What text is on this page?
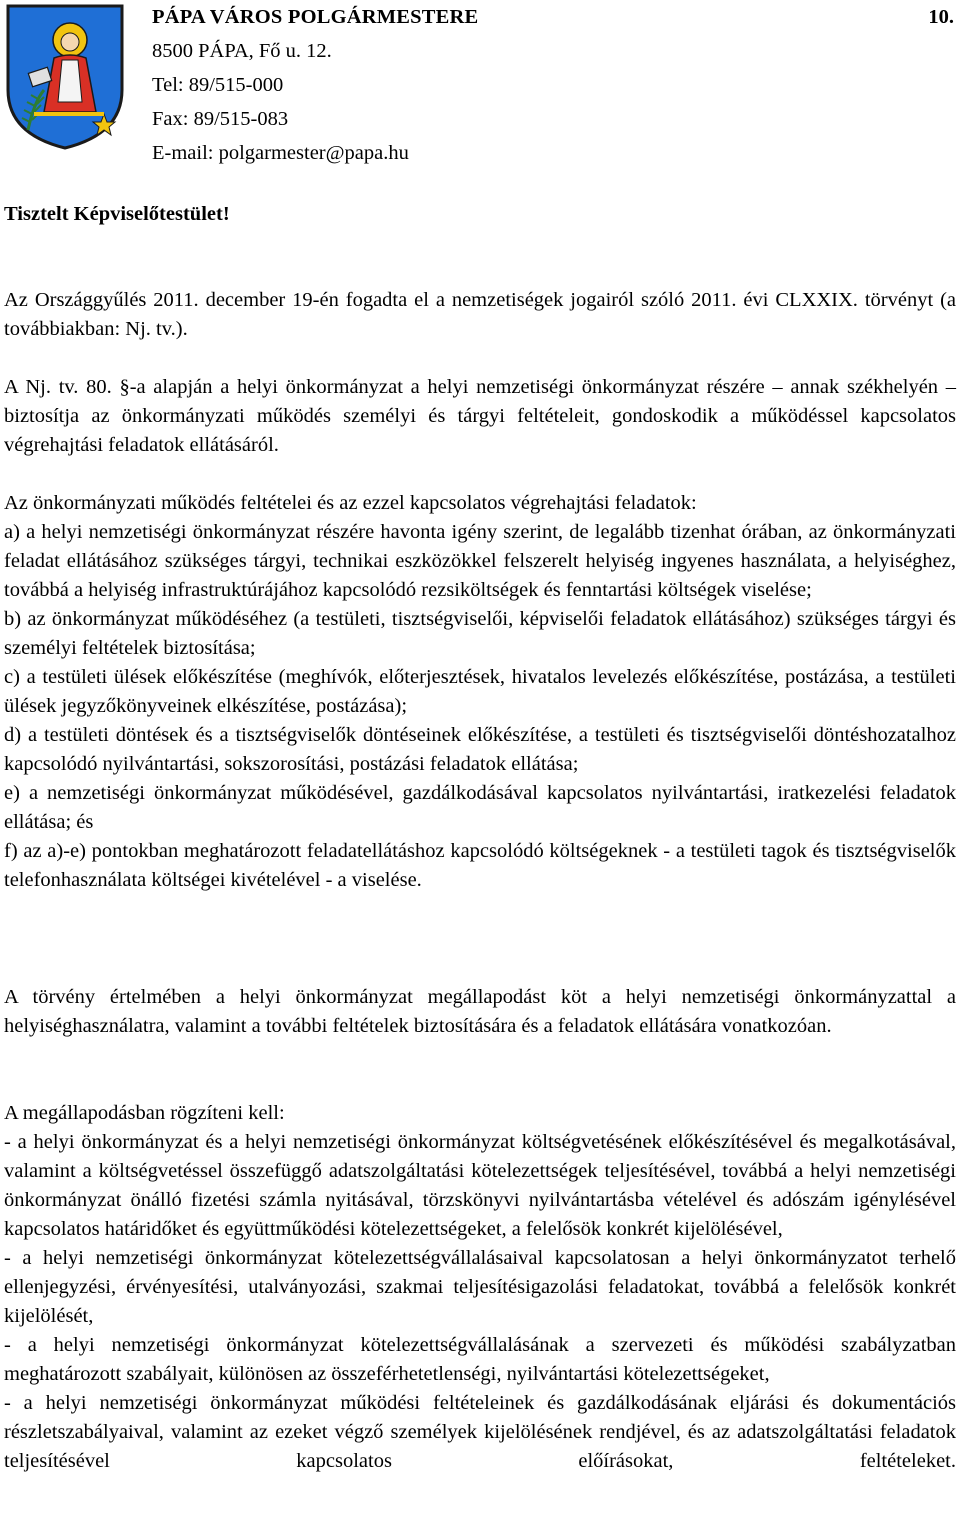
PÁPA VÁROS POLGÁRMESTERE
8500 PÁPA, Fő u. 12.
Tel: 89/515-000
Fax: 89/515-083
E-mail: polgarmester@papa.hu
10.
Tisztelt Képviselőtestület!

Az Országgyűlés 2011. december 19-én fogadta el a nemzetiségek jogairól szóló 2011. évi CLXXIX. törvényt (a továbbiakban: Nj. tv.).

A Nj. tv. 80. §-a alapján a helyi önkormányzat a helyi nemzetiségi önkormányzat részére – annak székhelyén – biztosítja az önkormányzati működés személyi és tárgyi feltételeit, gondoskodik a működéssel kapcsolatos végrehajtási feladatok ellátásáról.

Az önkormányzati működés feltételei és az ezzel kapcsolatos végrehajtási feladatok:

a) a helyi nemzetiségi önkormányzat részére havonta igény szerint, de legalább tizenhat órában, az önkormányzati feladat ellátásához szükséges tárgyi, technikai eszközökkel felszerelt helyiség ingyenes használata, a helyiséghez, továbbá a helyiség infrastruktúrájához kapcsolódó rezsiköltségek és fenntartási költségek viselése;

b) az önkormányzat működéséhez (a testületi, tisztségviselői, képviselői feladatok ellátásához) szükséges tárgyi és személyi feltételek biztosítása;

c) a testületi ülések előkészítése (meghívók, előterjesztések, hivatalos levelezés előkészítése, postázása, a testületi ülések jegyzőkönyveinek elkészítése, postázása);

d) a testületi döntések és a tisztségviselők döntéseinek előkészítése, a testületi és tisztségviselői döntéshozatalhoz kapcsolódó nyilvántartási, sokszorosítási, postázási feladatok ellátása;

e) a nemzetiségi önkormányzat működésével, gazdálkodásával kapcsolatos nyilvántartási, iratkezelési feladatok ellátása; és

f) az a)-e) pontokban meghatározott feladatellátáshoz kapcsolódó költségeknek - a testületi tagok és tisztségviselők telefonhasználata költségei kivételével - a viselése.

A törvény értelmében a helyi önkormányzat megállapodást köt a helyi nemzetiségi önkormányzattal a helyiséghasználatra, valamint a további feltételek biztosítására és a feladatok ellátására vonatkozóan.

A megállapodásban rögzíteni kell:

- a helyi önkormányzat és a helyi nemzetiségi önkormányzat költségvetésének előkészítésével és megalkotásával, valamint a költségvetéssel összefüggő adatszolgáltatási kötelezettségek teljesítésével, továbbá a helyi nemzetiségi önkormányzat önálló fizetési számla nyitásával, törzskönyvi nyilvántartásba vételével és adószám igénylésével kapcsolatos határidőket és együttműködési kötelezettségeket, a felelősök konkrét kijelölésével,

- a helyi nemzetiségi önkormányzat kötelezettségvállalásaival kapcsolatosan a helyi önkormányzatot terhelő ellenjegyzési, érvényesítési, utalványozási, szakmai teljesítésigazolási feladatokat, továbbá a felelősök konkrét kijelölését,

- a helyi nemzetiségi önkormányzat kötelezettségvállalásának a szervezeti és működési szabályzatban meghatározott szabályait, különösen az összeférhetetlenségi, nyilvántartási kötelezettségeket,

- a helyi nemzetiségi önkormányzat működési feltételeinek és gazdálkodásának eljárási és dokumentációs részletszabályaival, valamint az ezeket végző személyek kijelölésének rendjével, és az adatszolgáltatási feladatok teljesítésével kapcsolatos előírásokat, feltételeket.
